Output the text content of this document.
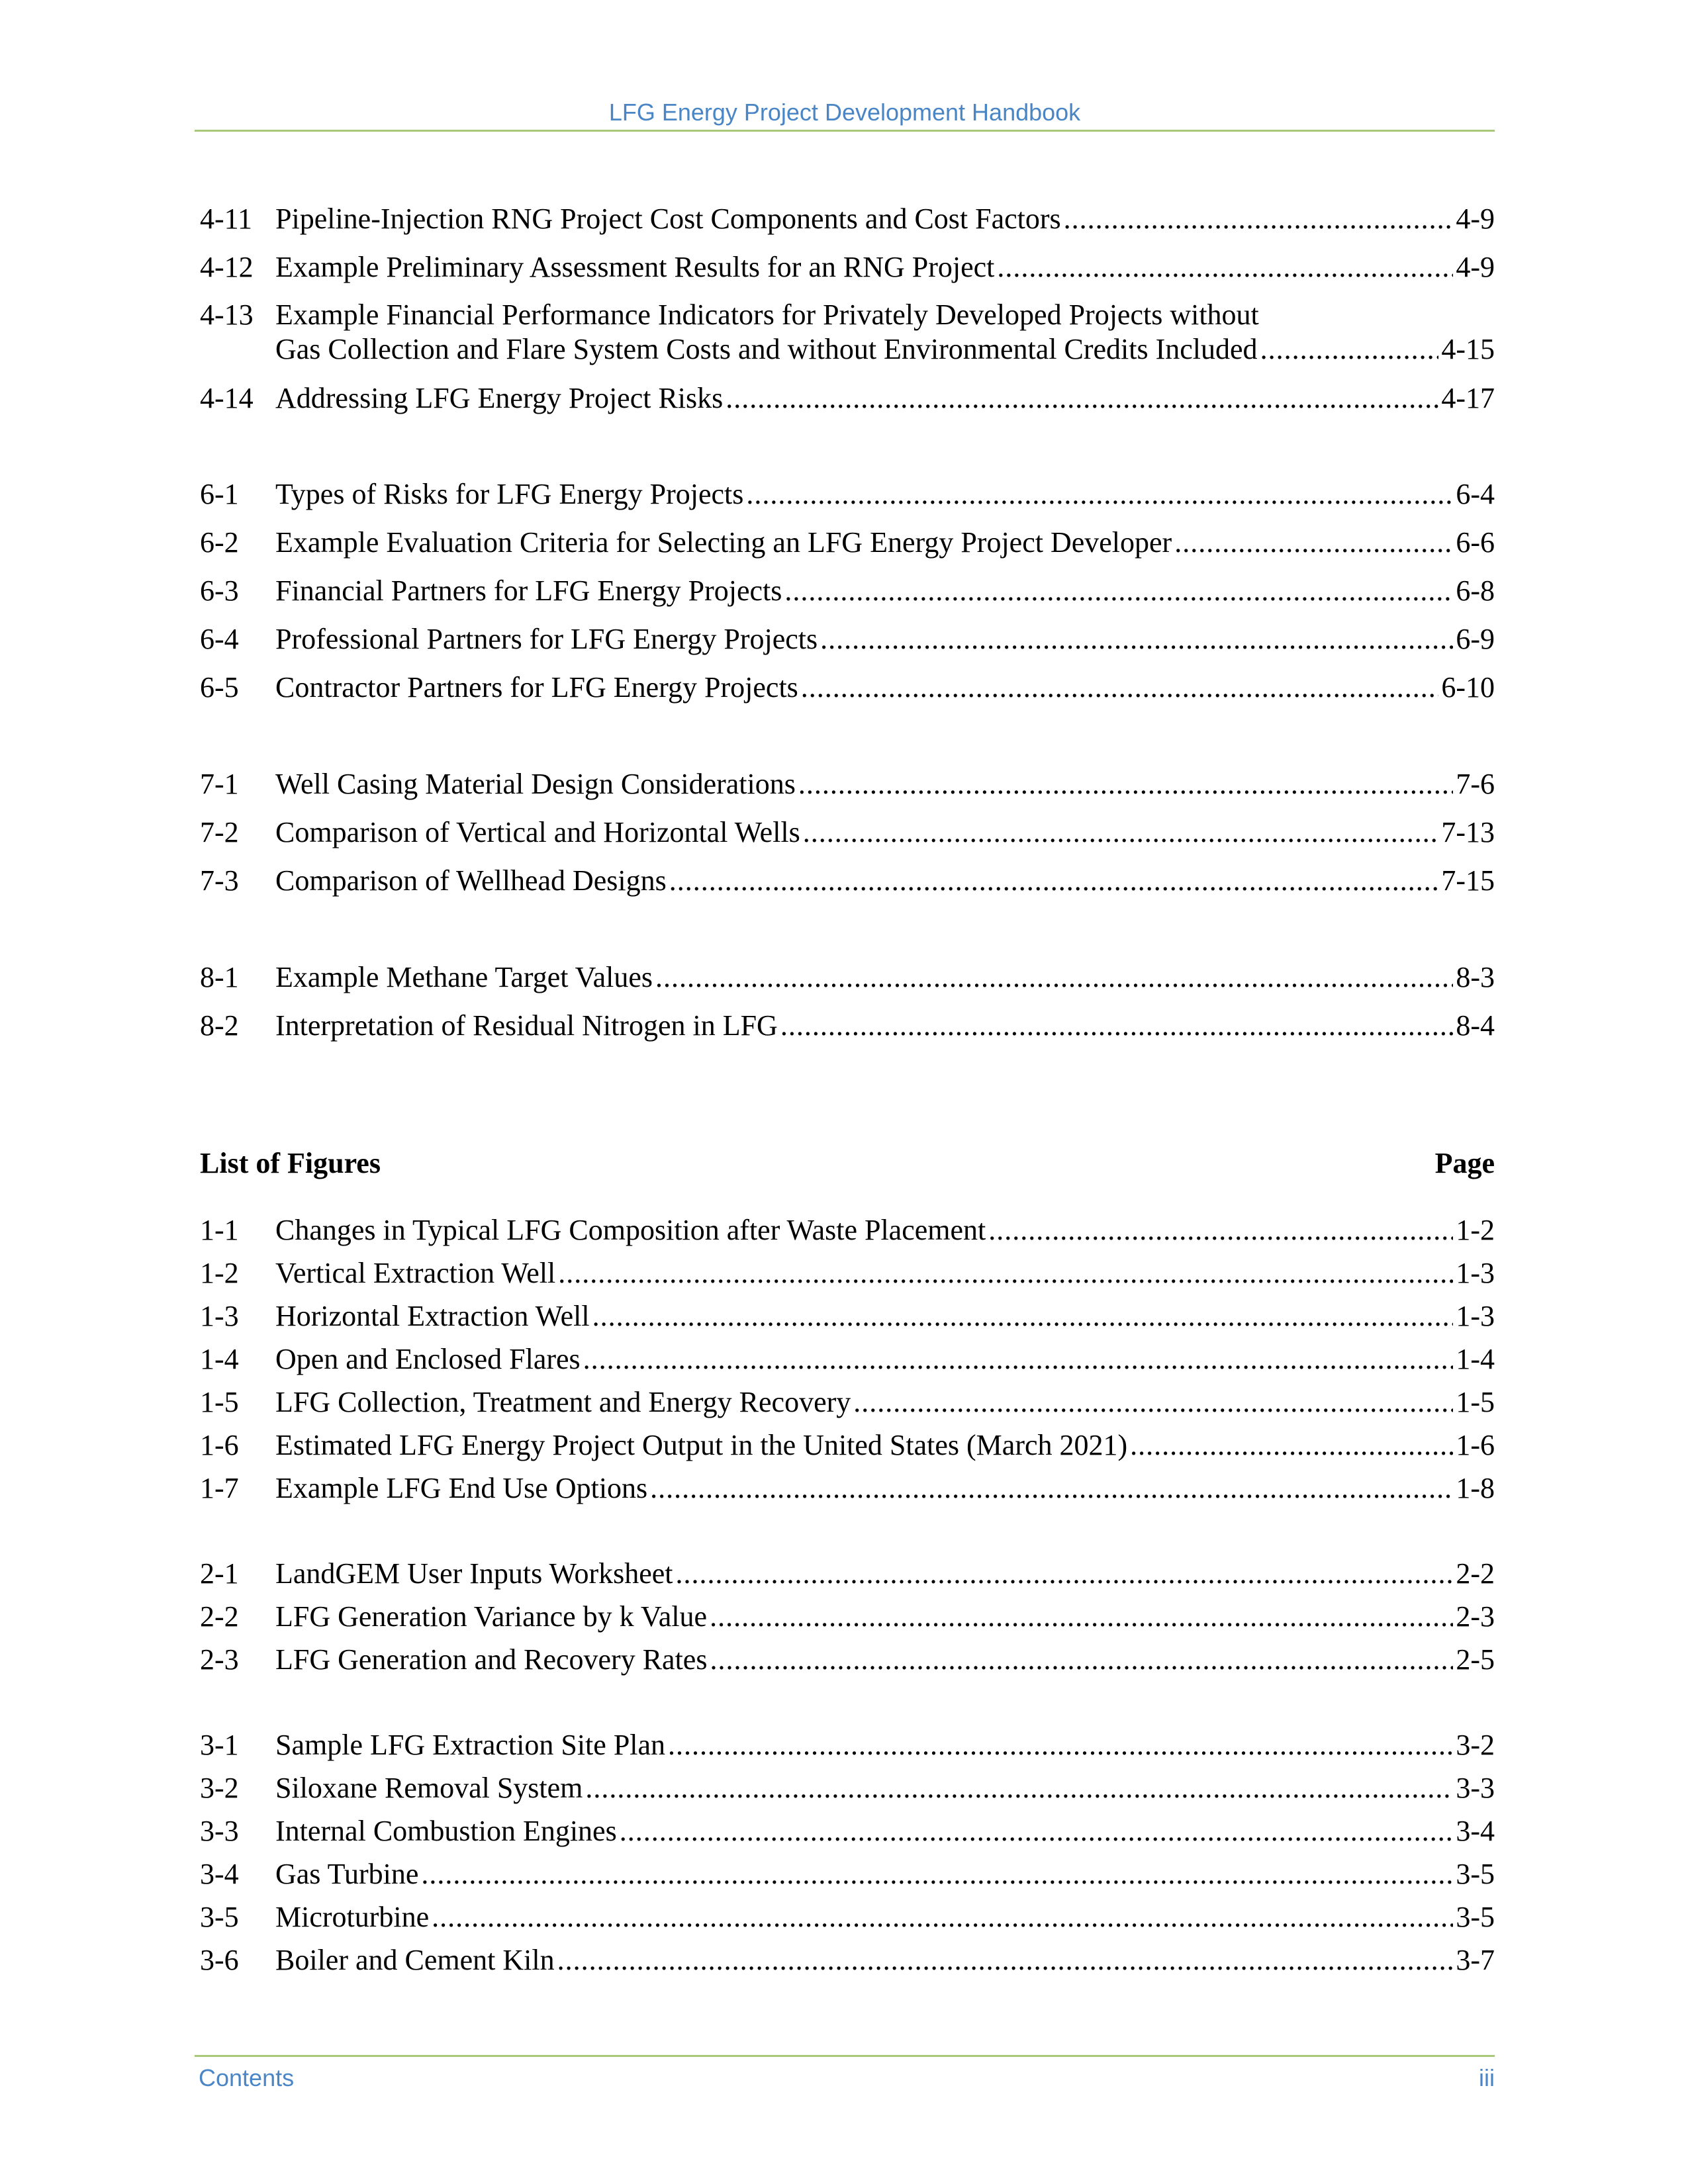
LFG Energy Project Development Handbook
4-11 Pipeline-Injection RNG Project Cost Components and Cost Factors .....	4-9
4-12 Example Preliminary Assessment Results for an RNG Project .....	4-9
4-13 Example Financial Performance Indicators for Privately Developed Projects without
Gas Collection and Flare System Costs and without Environmental Credits Included .....	4-15
4-14 Addressing LFG Energy Project Risks .....	4-17
6-1 Types of Risks for LFG Energy Projects .....	6-4
6-2 Example Evaluation Criteria for Selecting an LFG Energy Project Developer .....	6-6
6-3 Financial Partners for LFG Energy Projects .....	6-8
6-4 Professional Partners for LFG Energy Projects .....	6-9
6-5 Contractor Partners for LFG Energy Projects .....	6-10
7-1 Well Casing Material Design Considerations .....	7-6
7-2 Comparison of Vertical and Horizontal Wells .....	7-13
7-3 Comparison of Wellhead Designs .....	7-15
8-1 Example Methane Target Values .....	8-3
8-2 Interpretation of Residual Nitrogen in LFG .....	8-4
List of Figures	Page
1-1 Changes in Typical LFG Composition after Waste Placement .....	1-2
1-2 Vertical Extraction Well .....	1-3
1-3 Horizontal Extraction Well .....	1-3
1-4 Open and Enclosed Flares .....	1-4
1-5 LFG Collection, Treatment and Energy Recovery .....	1-5
1-6 Estimated LFG Energy Project Output in the United States (March 2021) .....	1-6
1-7 Example LFG End Use Options .....	1-8
2-1 LandGEM User Inputs Worksheet .....	2-2
2-2 LFG Generation Variance by k Value .....	2-3
2-3 LFG Generation and Recovery Rates .....	2-5
3-1 Sample LFG Extraction Site Plan .....	3-2
3-2 Siloxane Removal System .....	3-3
3-3 Internal Combustion Engines .....	3-4
3-4 Gas Turbine .....	3-5
3-5 Microturbine .....	3-5
3-6 Boiler and Cement Kiln .....	3-7
Contents	iii
